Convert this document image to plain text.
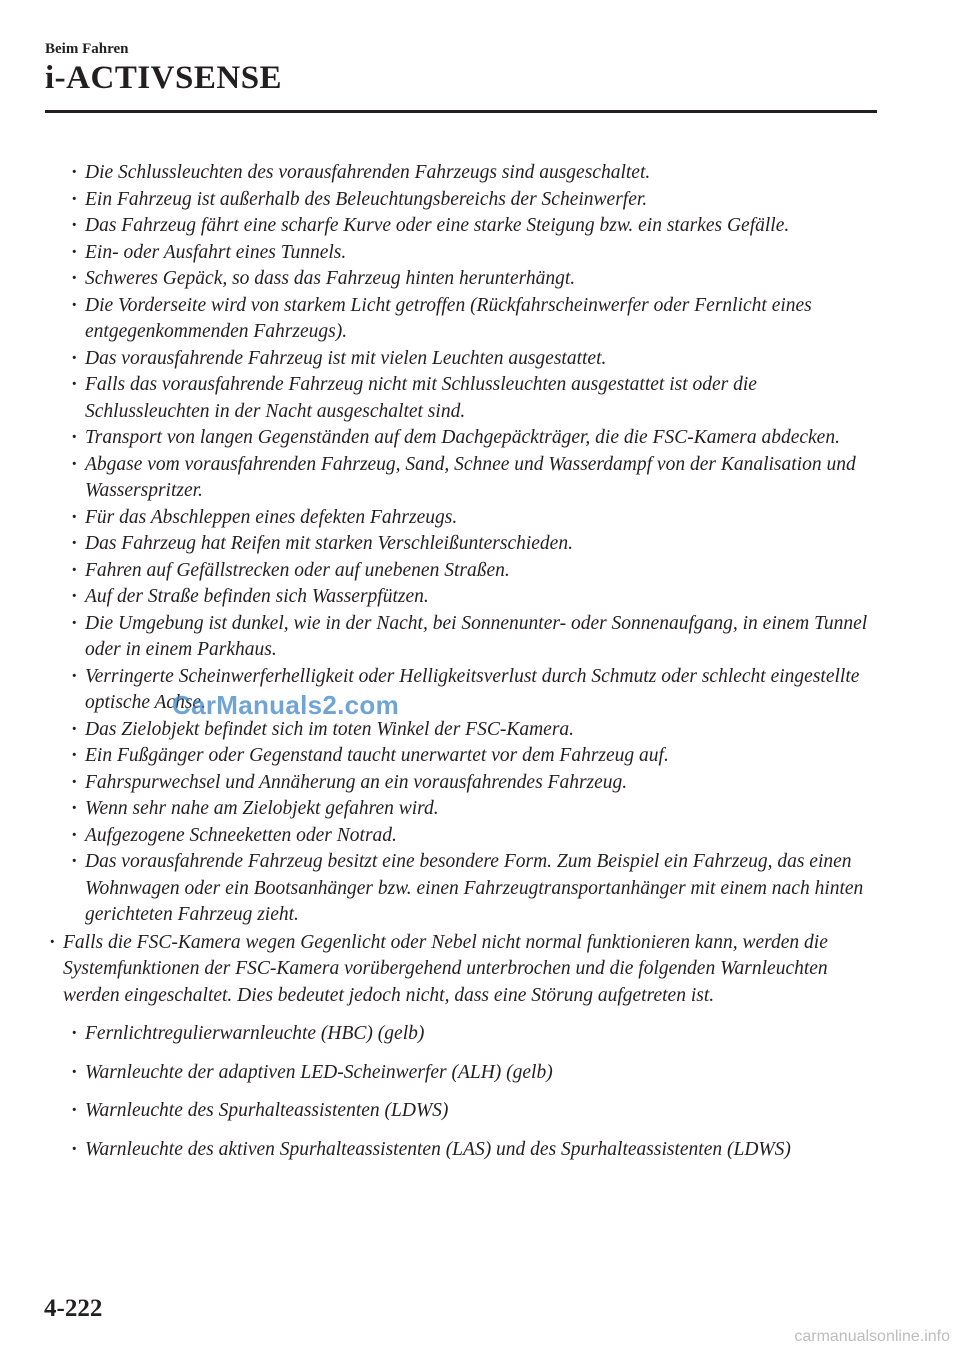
Beim Fahren

i-ACTIVSENSE

· Die Schlussleuchten des vorausfahrenden Fahrzeugs sind ausgeschaltet.
· Ein Fahrzeug ist außerhalb des Beleuchtungsbereichs der Scheinwerfer.
· Das Fahrzeug fährt eine scharfe Kurve oder eine starke Steigung bzw. ein starkes Gefälle.
· Ein- oder Ausfahrt eines Tunnels.
· Schweres Gepäck, so dass das Fahrzeug hinten herunterhängt.
· Die Vorderseite wird von starkem Licht getroffen (Rückfahrscheinwerfer oder Fernlicht eines entgegenkommenden Fahrzeugs).
· Das vorausfahrende Fahrzeug ist mit vielen Leuchten ausgestattet.
· Falls das vorausfahrende Fahrzeug nicht mit Schlussleuchten ausgestattet ist oder die Schlussleuchten in der Nacht ausgeschaltet sind.
· Transport von langen Gegenständen auf dem Dachgepäckträger, die die FSC-Kamera abdecken.
· Abgase vom vorausfahrenden Fahrzeug, Sand, Schnee und Wasserdampf von der Kanalisation und Wasserspritzer.
· Für das Abschleppen eines defekten Fahrzeugs.
· Das Fahrzeug hat Reifen mit starken Verschleißunterschieden.
· Fahren auf Gefällstrecken oder auf unebenen Straßen.
· Auf der Straße befinden sich Wasserpfützen.
· Die Umgebung ist dunkel, wie in der Nacht, bei Sonnenunter- oder Sonnenaufgang, in einem Tunnel oder in einem Parkhaus.
· Verringerte Scheinwerferhelligkeit oder Helligkeitsverlust durch Schmutz oder schlecht eingestellte optische Achse.
· Das Zielobjekt befindet sich im toten Winkel der FSC-Kamera.
· Ein Fußgänger oder Gegenstand taucht unerwartet vor dem Fahrzeug auf.
· Fahrspurwechsel und Annäherung an ein vorausfahrendes Fahrzeug.
· Wenn sehr nahe am Zielobjekt gefahren wird.
· Aufgezogene Schneeketten oder Notrad.
· Das vorausfahrende Fahrzeug besitzt eine besondere Form. Zum Beispiel ein Fahrzeug, das einen Wohnwagen oder ein Bootsanhänger bzw. einen Fahrzeugtransportanhänger mit einem nach hinten gerichteten Fahrzeug zieht.
· Falls die FSC-Kamera wegen Gegenlicht oder Nebel nicht normal funktionieren kann, werden die Systemfunktionen der FSC-Kamera vorübergehend unterbrochen und die folgenden Warnleuchten werden eingeschaltet. Dies bedeutet jedoch nicht, dass eine Störung aufgetreten ist.
· Fernlichtregulierwarnleuchte (HBC) (gelb)
· Warnleuchte der adaptiven LED-Scheinwerfer (ALH) (gelb)
· Warnleuchte des Spurhalteassistenten (LDWS)
· Warnleuchte des aktiven Spurhalteassistenten (LAS) und des Spurhalteassistenten (LDWS)
CarManuals2.com
4-222
carmanualsonline.info
